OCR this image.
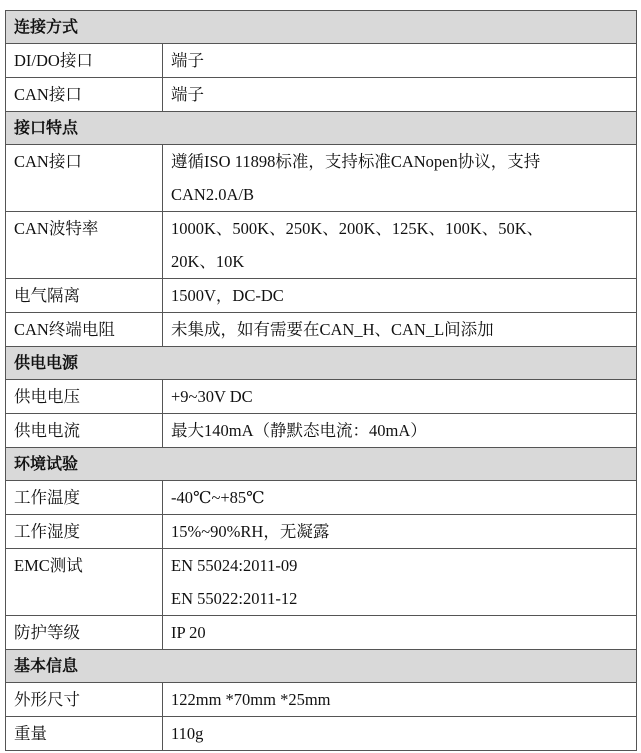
连接方式	
DI/DO接口	端子

CAN接口	端子

接口特点	
CAN接口	遵循ISO 11898标准，支持标准CANopen协议，支持
CAN2.0A/B

CAN波特率	1000K、500K、250K、200K、125K、100K、50K、
20K、10K

电气隔离	1500V，DC-DC

CAN终端电阻	未集成，如有需要在CAN_H、CAN_L间添加

供电电源	
供电电压	+9~30V DC

供电电流	最大140mA（静默态电流：40mA）

环境试验	
工作温度	-40℃~+85℃

工作湿度	15%~90%RH，无凝露

EMC测试	EN 55024:2011-09
EN 55022:2011-12

防护等级	IP 20

基本信息	
外形尺寸	122mm *70mm *25mm

重量	110g
